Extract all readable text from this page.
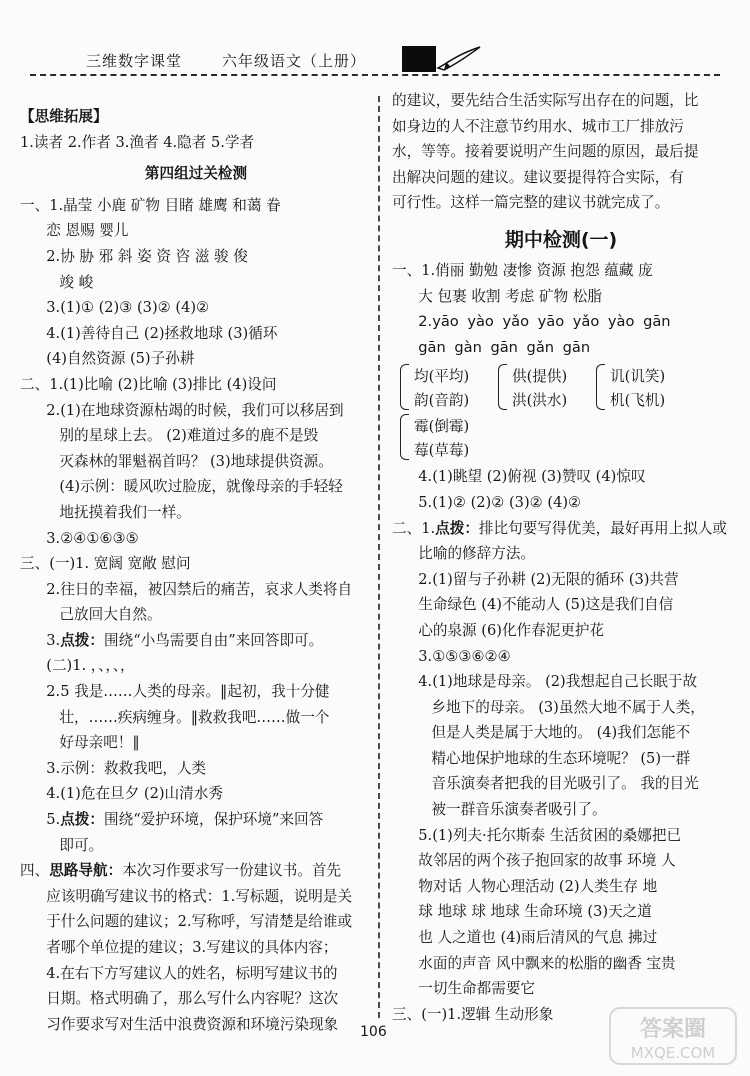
三维数字课堂	六年级语文（上册）
【思维拓展】
1.读者 2.作者 3.渔者 4.隐者 5.学者
第四组过关检测
一、1.晶莹 小鹿 矿物 目睹 雄鹰 和蔼 眷
恋 恩赐 婴儿
2.协 胁 邪 斜 姿 资 咨 滋 骏 俊
竣 峻
3.(1)① (2)③ (3)② (4)②
4.(1)善待自己 (2)拯救地球 (3)循环
(4)自然资源 (5)子孙耕
二、1.(1)比喻 (2)比喻 (3)排比 (4)设问
2.(1)在地球资源枯竭的时候，我们可以移居到
别的星球上去。 (2)难道过多的鹿不是毁
灭森林的罪魁祸首吗？ (3)地球提供资源。
(4)示例：暖风吹过脸庞，就像母亲的手轻轻
地抚摸着我们一样。
3.②④①⑥③⑤
三、(一)1. 宽阔 宽敞 慰问
2.往日的幸福，被囚禁后的痛苦，哀求人类将自
己放回大自然。
3.点拨：围绕“小鸟需要自由”来回答即可。
(二)1. ，、，、，
2.5 我是……人类的母亲。‖起初，我十分健
壮，……疾病缠身。‖救救我吧……做一个
好母亲吧！‖
3.示例：救救我吧，人类
4.(1)危在旦夕 (2)山清水秀
5.点拨：围绕“爱护环境，保护环境”来回答
即可。
四、思路导航：本次习作要求写一份建议书。首先
应该明确写建议书的格式：1.写标题，说明是关
于什么问题的建议；2.写称呼，写清楚是给谁或
者哪个单位提的建议；3.写建议的具体内容；
4.在右下方写建议人的姓名，标明写建议书的
日期。格式明确了，那么写什么内容呢？这次
习作要求写对生活中浪费资源和环境污染现象
的建议，要先结合生活实际写出存在的问题，比
如身边的人不注意节约用水、城市工厂排放污
水，等等。接着要说明产生问题的原因，最后提
出解决问题的建议。建议要提得符合实际，有
可行性。这样一篇完整的建议书就完成了。
期中检测(一)
一、1.俏丽 勤勉 凄惨 资源 抱怨 蕴藏 庞
大 包裹 收割 考虑 矿物 松脂
2.yāo yào yǎo yāo yǎo yào gān
gān gàn gān gǎn gān
均(平均)
韵(音韵)
供(提供)
洪(洪水)
讥(讥笑)
机(飞机)
霉(倒霉)
莓(草莓)
4.(1)眺望 (2)俯视 (3)赞叹 (4)惊叹
5.(1)② (2)② (3)② (4)②
二、1.点拨：排比句要写得优美，最好再用上拟人或
比喻的修辞方法。
2.(1)留与子孙耕 (2)无限的循环 (3)共营
生命绿色 (4)不能动人 (5)这是我们自信
心的泉源 (6)化作春泥更护花
3.①⑤③⑥②④
4.(1)地球是母亲。 (2)我想起自己长眠于故
乡地下的母亲。 (3)虽然大地不属于人类，
但是人类是属于大地的。 (4)我们怎能不
精心地保护地球的生态环境呢？ (5)一群
音乐演奏者把我的目光吸引了。 我的目光
被一群音乐演奏者吸引了。
5.(1)列夫·托尔斯泰 生活贫困的桑娜把已
故邻居的两个孩子抱回家的故事 环境 人
物对话 人物心理活动 (2)人类生存 地
球 地球 球 地球 生命环境 (3)天之道
也 人之道也 (4)雨后清风的气息 拂过
水面的声音 风中飘来的松脂的幽香 宝贵
一切生命都需要它
三、(一)1.逻辑 生动形象
106	答案圈
MXQE.COM
